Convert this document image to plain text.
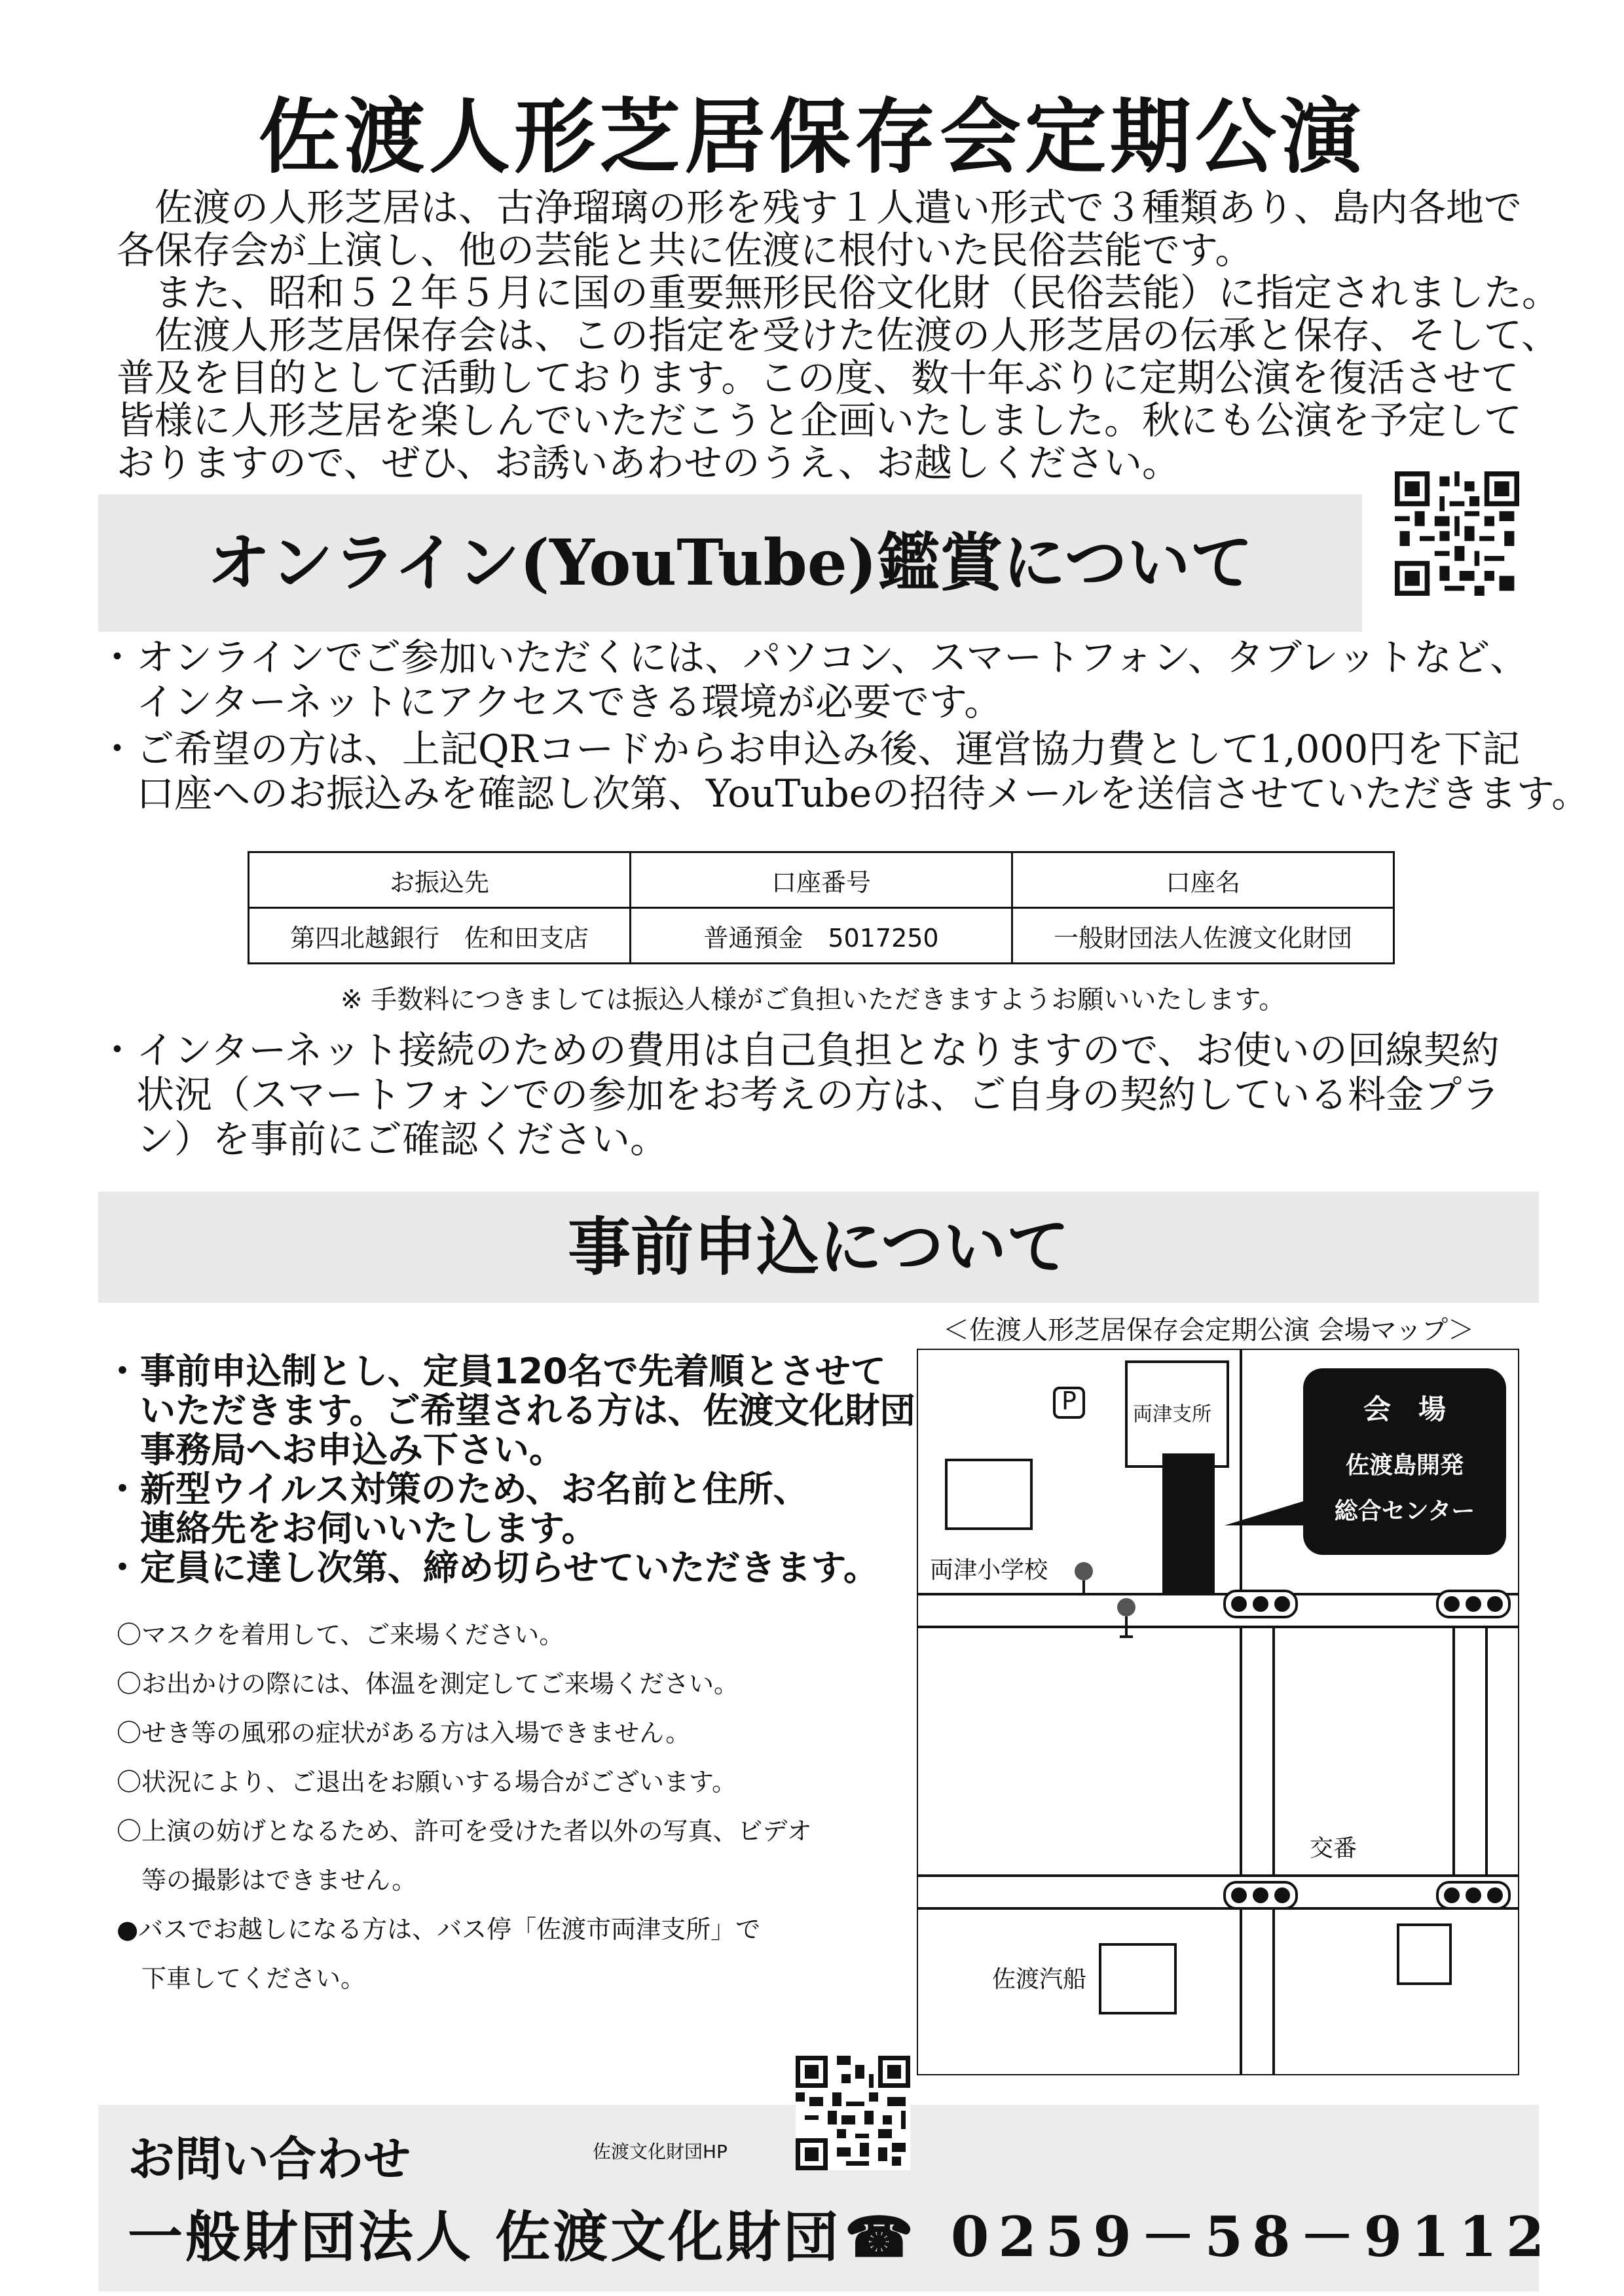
佐渡人形芝居保存会定期公演

　佐渡の人形芝居は、古浄瑠璃の形を残す１人遣い形式で３種類あり、島内各地で

各保存会が上演し、他の芸能と共に佐渡に根付いた民俗芸能です。

　また、昭和５２年５月に国の重要無形民俗文化財（民俗芸能）に指定されました。

　佐渡人形芝居保存会は、この指定を受けた佐渡の人形芝居の伝承と保存、そして、

普及を目的として活動しております。この度、数十年ぶりに定期公演を復活させて

皆様に人形芝居を楽しんでいただこうと企画いたしました。秋にも公演を予定して

おりますので、ぜひ、お誘いあわせのうえ、お越しください。

オンライン(YouTube)鑑賞について
・オンラインでご参加いただくには、パソコン、スマートフォン、タブレットなど、
　インターネットにアクセスできる環境が必要です。
・ご希望の方は、上記QRコードからお申込み後、運営協力費として1,000円を下記
　口座へのお振込みを確認し次第、YouTubeの招待メールを送信させていただきます。
お振込先	口座番号	口座名
第四北越銀行　佐和田支店	普通預金　5017250	一般財団法人佐渡文化財団
※ 手数料につきましては振込人様がご負担いただきますようお願いいたします。
・インターネット接続のための費用は自己負担となりますので、お使いの回線契約
　状況（スマートフォンでの参加をお考えの方は、ご自身の契約している料金プラ
　ン）を事前にご確認ください。
事前申込について
＜佐渡人形芝居保存会定期公演 会場マップ＞
・事前申込制とし、定員120名で先着順とさせて
　いただきます。ご希望される方は、佐渡文化財団
　事務局へお申込み下さい。
・新型ウイルス対策のため、お名前と住所、
　連絡先をお伺いいたします。
・定員に達し次第、締め切らせていただきます。
〇マスクを着用して、ご来場ください。
〇お出かけの際には、体温を測定してご来場ください。
〇せき等の風邪の症状がある方は入場できません。
〇状況により、ご退出をお願いする場合がございます。
〇上演の妨げとなるため、許可を受けた者以外の写真、ビデオ
　等の撮影はできません。
●バスでお越しになる方は、バス停「佐渡市両津支所」で
　下車してください。
P	両津支所
両津小学校
交番
佐渡汽船
会　場
佐渡島開発
総合センター
お問い合わせ	佐渡文化財団HP
一般財団法人 佐渡文化財団 ☎ 0259－58－9112
